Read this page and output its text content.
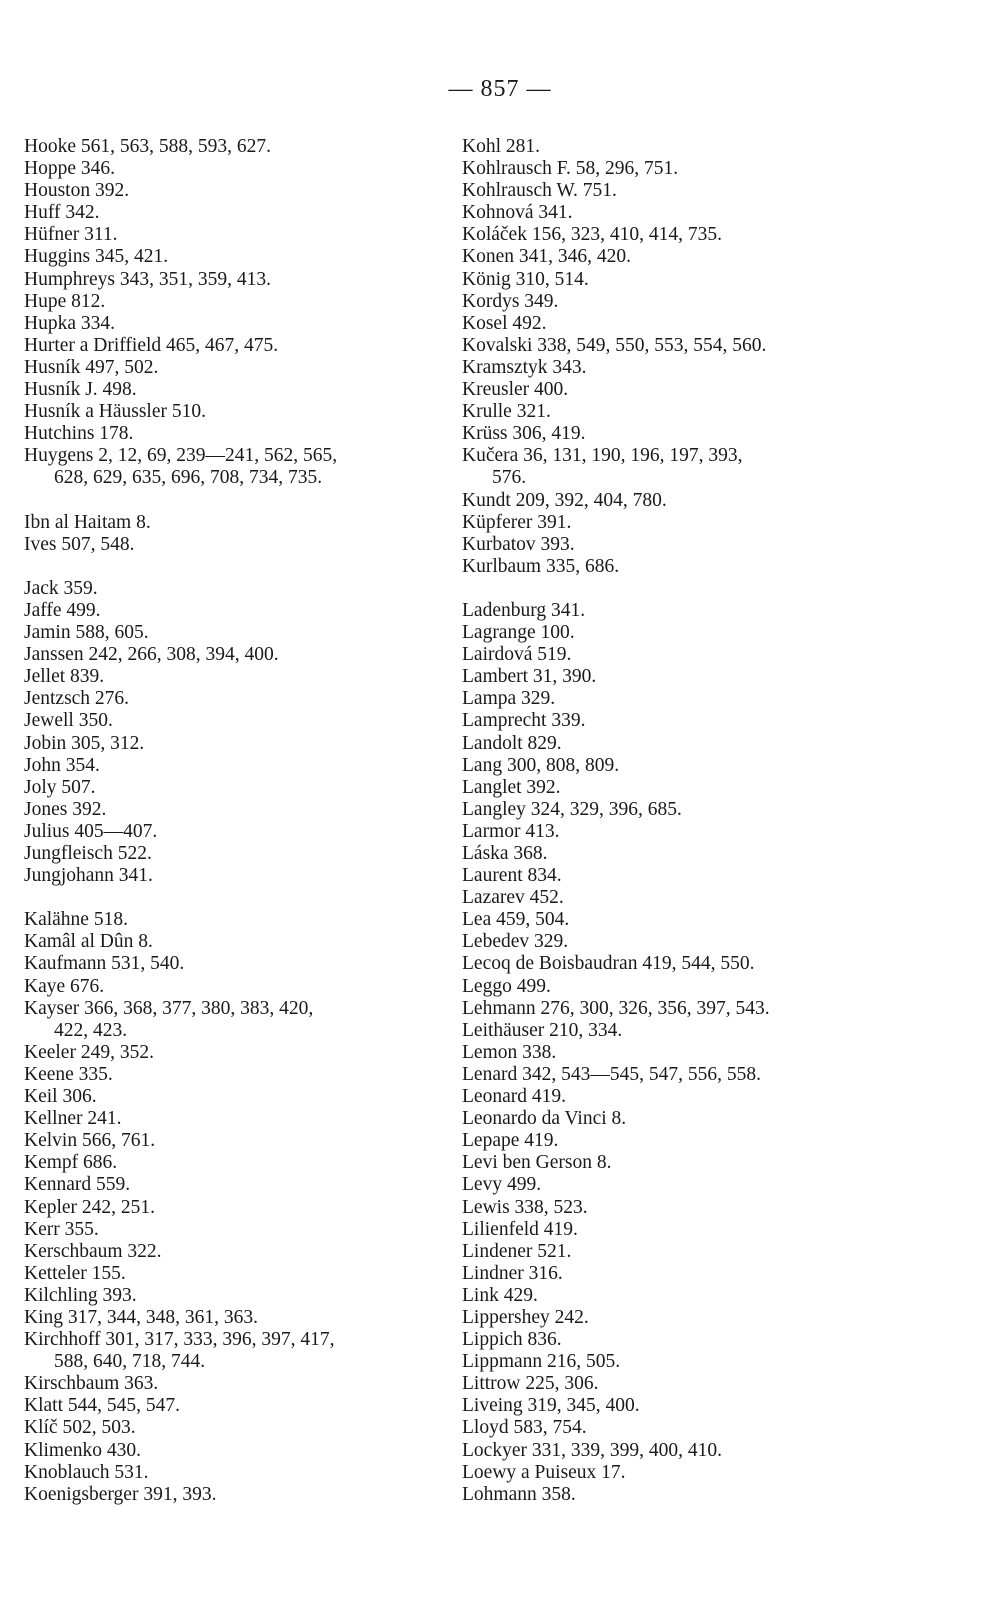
— 857 —
Hooke 561, 563, 588, 593, 627.
Hoppe 346.
Houston 392.
Huff 342.
Hüfner 311.
Huggins 345, 421.
Humphreys 343, 351, 359, 413.
Hupe 812.
Hupka 334.
Hurter a Driffield 465, 467, 475.
Husník 497, 502.
Husník J. 498.
Husník a Häussler 510.
Hutchins 178.
Huygens 2, 12, 69, 239—241, 562, 565,
628, 629, 635, 696, 708, 734, 735.
Ibn al Haitam 8.
Ives 507, 548.
Jack 359.
Jaffe 499.
Jamin 588, 605.
Janssen 242, 266, 308, 394, 400.
Jellet 839.
Jentzsch 276.
Jewell 350.
Jobin 305, 312.
John 354.
Joly 507.
Jones 392.
Julius 405—407.
Jungfleisch 522.
Jungjohann 341.
Kalähne 518.
Kamâl al Dûn 8.
Kaufmann 531, 540.
Kaye 676.
Kayser 366, 368, 377, 380, 383, 420,
422, 423.
Keeler 249, 352.
Keene 335.
Keil 306.
Kellner 241.
Kelvin 566, 761.
Kempf 686.
Kennard 559.
Kepler 242, 251.
Kerr 355.
Kerschbaum 322.
Ketteler 155.
Kilchling 393.
King 317, 344, 348, 361, 363.
Kirchhoff 301, 317, 333, 396, 397, 417,
588, 640, 718, 744.
Kirschbaum 363.
Klatt 544, 545, 547.
Klíč 502, 503.
Klimenko 430.
Knoblauch 531.
Koenigsberger 391, 393.
Kohl 281.
Kohlrausch F. 58, 296, 751.
Kohlrausch W. 751.
Kohnová 341.
Koláček 156, 323, 410, 414, 735.
Konen 341, 346, 420.
König 310, 514.
Kordys 349.
Kosel 492.
Kovalski 338, 549, 550, 553, 554, 560.
Kramsztyk 343.
Kreusler 400.
Krulle 321.
Krüss 306, 419.
Kučera 36, 131, 190, 196, 197, 393,
576.
Kundt 209, 392, 404, 780.
Küpferer 391.
Kurbatov 393.
Kurlbaum 335, 686.
Ladenburg 341.
Lagrange 100.
Lairdová 519.
Lambert 31, 390.
Lampa 329.
Lamprecht 339.
Landolt 829.
Lang 300, 808, 809.
Langlet 392.
Langley 324, 329, 396, 685.
Larmor 413.
Láska 368.
Laurent 834.
Lazarev 452.
Lea 459, 504.
Lebedev 329.
Lecoq de Boisbaudran 419, 544, 550.
Leggo 499.
Lehmann 276, 300, 326, 356, 397, 543.
Leithäuser 210, 334.
Lemon 338.
Lenard 342, 543—545, 547, 556, 558.
Leonard 419.
Leonardo da Vinci 8.
Lepape 419.
Levi ben Gerson 8.
Levy 499.
Lewis 338, 523.
Lilienfeld 419.
Lindener 521.
Lindner 316.
Link 429.
Lippershey 242.
Lippich 836.
Lippmann 216, 505.
Littrow 225, 306.
Liveing 319, 345, 400.
Lloyd 583, 754.
Lockyer 331, 339, 399, 400, 410.
Loewy a Puiseux 17.
Lohmann 358.
